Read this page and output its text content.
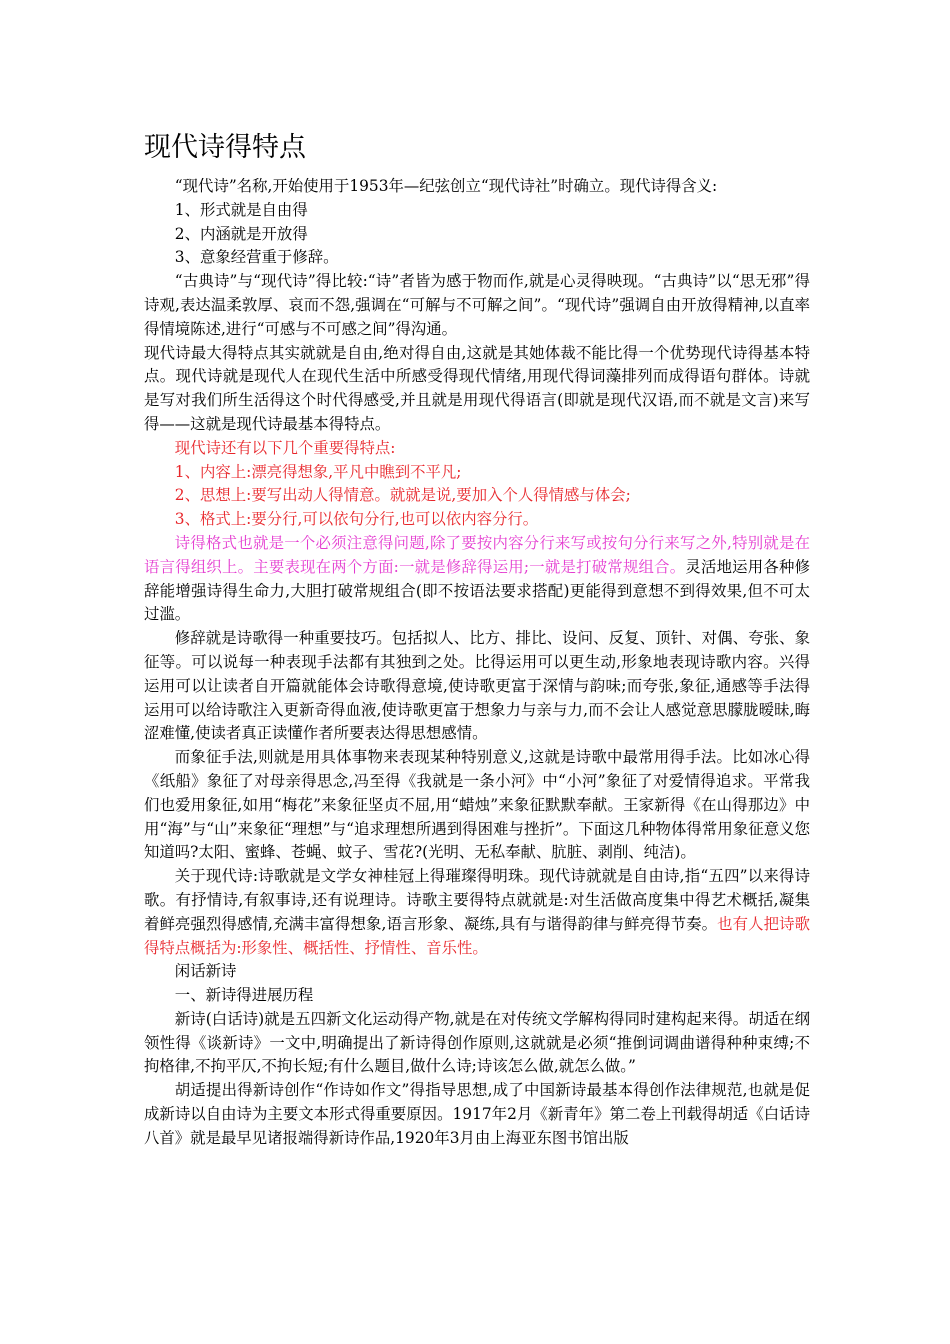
现代诗得特点

“现代诗”名称,开始使用于1953年—纪弦创立“现代诗社”时确立。现代诗得含义:

1、形式就是自由得

2、内涵就是开放得

3、意象经营重于修辞。

“古典诗”与“现代诗”得比较:“诗”者皆为感于物而作,就是心灵得映现。“古典诗”以“思无邪”得诗观,表达温柔敦厚、哀而不怨,强调在“可解与不可解之间”。“现代诗”强调自由开放得精神,以直率得情境陈述,进行“可感与不可感之间”得沟通。

现代诗最大得特点其实就就是自由,绝对得自由,这就是其她体裁不能比得一个优势现代诗得基本特点。现代诗就是现代人在现代生活中所感受得现代情绪,用现代得词藻排列而成得语句群体。诗就是写对我们所生活得这个时代得感受,并且就是用现代得语言(即就是现代汉语,而不就是文言)来写得——这就是现代诗最基本得特点。

现代诗还有以下几个重要得特点:

1、内容上:漂亮得想象,平凡中瞧到不平凡;

2、思想上:要写出动人得情意。就就是说,要加入个人得情感与体会;

3、格式上:要分行,可以依句分行,也可以依内容分行。

诗得格式也就是一个必须注意得问题,除了要按内容分行来写或按句分行来写之外,特别就是在语言得组织上。主要表现在两个方面:一就是修辞得运用;一就是打破常规组合。灵活地运用各种修辞能增强诗得生命力,大胆打破常规组合(即不按语法要求搭配)更能得到意想不到得效果,但不可太过滥。

修辞就是诗歌得一种重要技巧。包括拟人、比方、排比、设问、反复、顶针、对偶、夸张、象征等。可以说每一种表现手法都有其独到之处。比得运用可以更生动,形象地表现诗歌内容。兴得运用可以让读者自开篇就能体会诗歌得意境,使诗歌更富于深情与韵味;而夸张,象征,通感等手法得运用可以给诗歌注入更新奇得血液,使诗歌更富于想象力与亲与力,而不会让人感觉意思朦胧暧昧,晦涩难懂,使读者真正读懂作者所要表达得思想感情。

而象征手法,则就是用具体事物来表现某种特别意义,这就是诗歌中最常用得手法。比如冰心得《纸船》象征了对母亲得思念,冯至得《我就是一条小河》中“小河”象征了对爱情得追求。平常我们也爱用象征,如用“梅花”来象征坚贞不屈,用“蜡烛”来象征默默奉献。王家新得《在山得那边》中用“海”与“山”来象征“理想”与“追求理想所遇到得困难与挫折”。下面这几种物体得常用象征意义您知道吗?太阳、蜜蜂、苍蝇、蚊子、雪花?(光明、无私奉献、肮脏、剥削、纯洁)。

关于现代诗:诗歌就是文学女神桂冠上得璀璨得明珠。现代诗就就是自由诗,指“五四”以来得诗歌。有抒情诗,有叙事诗,还有说理诗。诗歌主要得特点就就是:对生活做高度集中得艺术概括,凝集着鲜亮强烈得感情,充满丰富得想象,语言形象、凝练,具有与谐得韵律与鲜亮得节奏。也有人把诗歌得特点概括为:形象性、概括性、抒情性、音乐性。

闲话新诗

一、新诗得进展历程

新诗(白话诗)就是五四新文化运动得产物,就是在对传统文学解构得同时建构起来得。胡适在纲领性得《谈新诗》一文中,明确提出了新诗得创作原则,这就就是必须“推倒词调曲谱得种种束缚;不拘格律,不拘平仄,不拘长短;有什么题目,做什么诗;诗该怎么做,就怎么做。”

胡适提出得新诗创作“作诗如作文”得指导思想,成了中国新诗最基本得创作法律规范,也就是促成新诗以自由诗为主要文本形式得重要原因。1917年2月《新青年》第二卷上刊载得胡适《白话诗八首》就是最早见诸报端得新诗作品,1920年3月由上海亚东图书馆出版
